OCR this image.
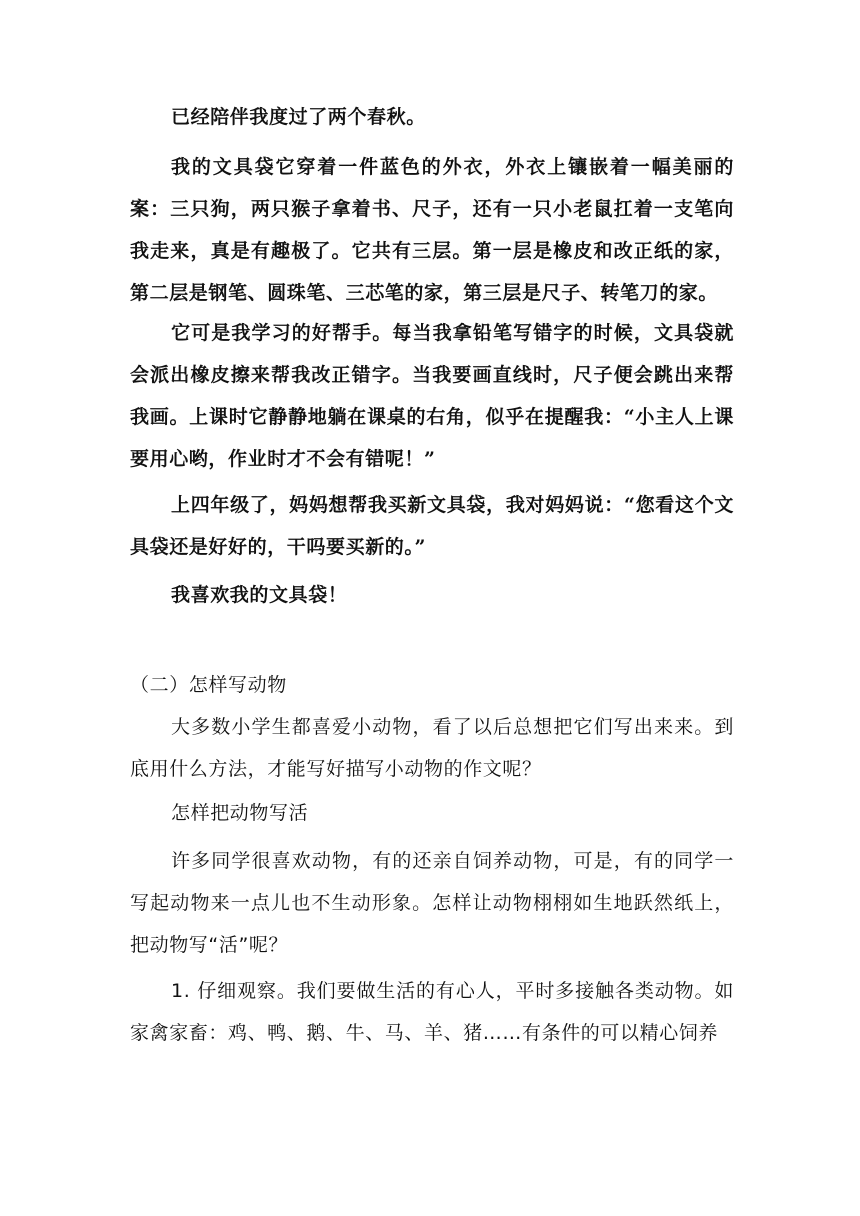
已经陪伴我度过了两个春秋。

我的文具袋它穿着一件蓝色的外衣，外衣上镶嵌着一幅美丽的案：三只狗，两只猴子拿着书、尺子，还有一只小老鼠扛着一支笔向我走来，真是有趣极了。它共有三层。第一层是橡皮和改正纸的家，第二层是钢笔、圆珠笔、三芯笔的家，第三层是尺子、转笔刀的家。

它可是我学习的好帮手。每当我拿铅笔写错字的时候，文具袋就会派出橡皮擦来帮我改正错字。当我要画直线时，尺子便会跳出来帮我画。上课时它静静地躺在课桌的右角，似乎在提醒我：“小主人上课要用心哟，作业时才不会有错呢！”

上四年级了，妈妈想帮我买新文具袋，我对妈妈说：“您看这个文具袋还是好好的，干吗要买新的。”

我喜欢我的文具袋！

（二）怎样写动物

大多数小学生都喜爱小动物，看了以后总想把它们写出来来。到底用什么方法，才能写好描写小动物的作文呢？

怎样把动物写活

许多同学很喜欢动物，有的还亲自饲养动物，可是，有的同学一写起动物来一点儿也不生动形象。怎样让动物栩栩如生地跃然纸上，把动物写“活”呢？

1. 仔细观察。我们要做生活的有心人，平时多接触各类动物。如家禽家畜：鸡、鸭、鹅、牛、马、羊、猪……有条件的可以精心饲养
